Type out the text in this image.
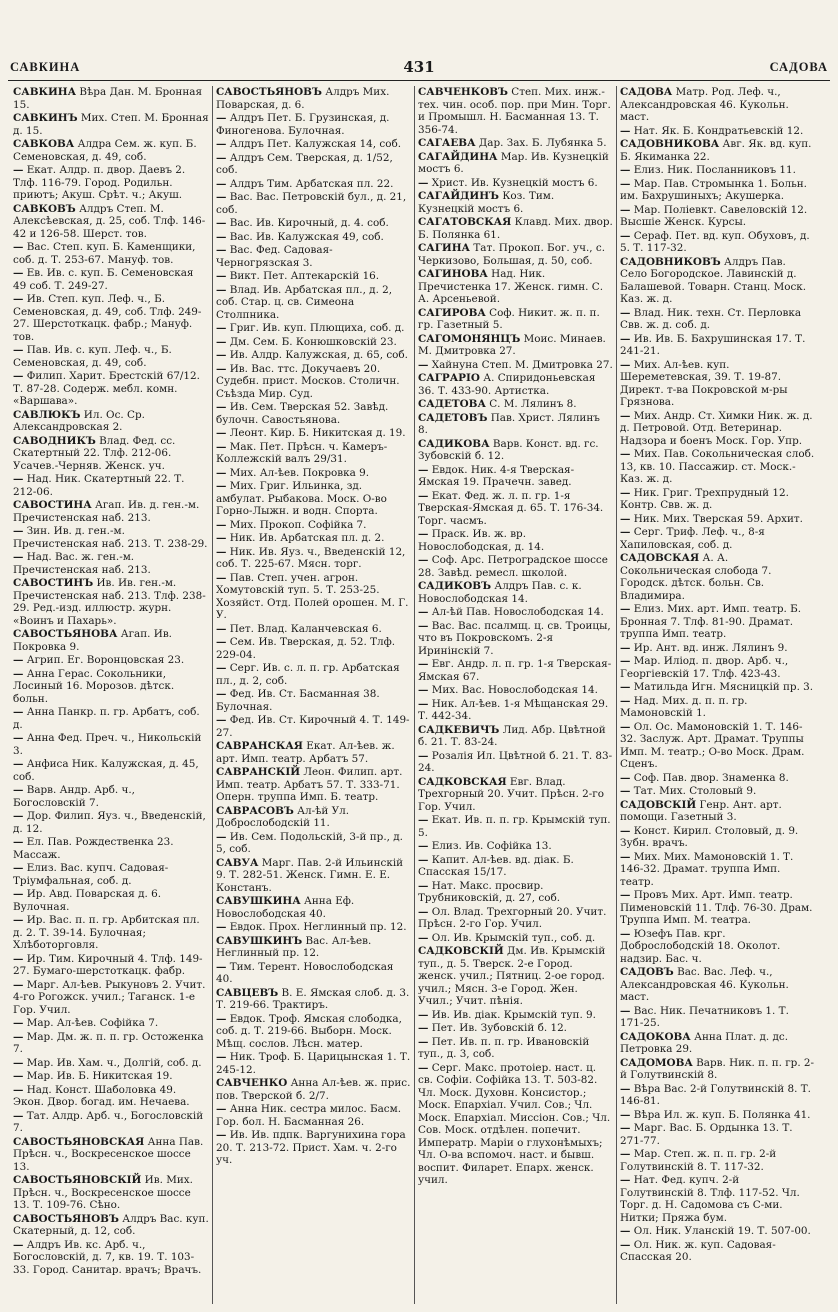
САВКИНА	431	САДОВА
САВКИНА Вѣра Дан. М. Бронная 15.
САВКИНЪ Мих. Степ. М. Бронная д. 15.
САВКОВА Алдра Сем. ж. куп. Б. Семеновская, д. 49, соб.
— Екат. Алдр. п. двор. Даевъ 2. Тлф. 116-79. Город. Родильн. приютъ; Акуш. Срѣт. ч.; Акуш.
САВКОВЪ Алдръ Степ. М. Алексѣевская, д. 25, соб. Тлф. 146-42 и 126-58. Шерст. тов.
— Вас. Степ. куп. Б. Каменщики, соб. д. Т. 253-67. Мануф. тов.
— Ев. Ив. с. куп. Б. Семеновская 49 соб. Т. 249-27.
— Ив. Степ. куп. Леф. ч., Б. Семеновская, д. 49, соб. Тлф. 249-27. Шерстоткацк. фабр.; Мануф. тов.
— Пав. Ив. с. куп. Леф. ч., Б. Семеновская, д. 49, соб.
— Филип. Харит. Брестскій 67/12. Т. 87-28. Содерж. мебл. комн. «Варшава».
САВЛЮКЪ Ил. Ос. Ср. Александровская 2.
САВОДНИКЪ Влад. Фед. сс. Скатертный 22. Тлф. 212-06. Усачев.-Черняв. Женск. уч.
— Над. Ник. Скатертный 22. Т. 212-06.
САВОСТИНА Агап. Ив. д. ген.-м. Пречистенская наб. 213.
— Зин. Ив. д. ген.-м. Пречистенская наб. 213. Т. 238-29.
— Над. Вас. ж. ген.-м. Пречистенская наб. 213.
САВОСТИНЪ Ив. Ив. ген.-м. Пречистенская наб. 213. Тлф. 238-29. Ред.-изд. иллюстр. журн. «Воинъ и Пахарь».
САВОСТЬЯНОВА Агап. Ив. Покровка 9.
— Агрип. Ег. Воронцовская 23.
— Анна Герас. Сокольники, Лосиный 16. Морозов. дѣтск. больн.
— Анна Панкр. п. гр. Арбатъ, соб. д.
— Анна Фед. Преч. ч., Никольскій 3.
— Анфиса Ник. Калужская, д. 45, соб.
— Варв. Андр. Арб. ч., Богословскій 7.
— Дор. Филип. Яуз. ч., Введенскій, д. 12.
— Ел. Пав. Рождественка 23. Массаж.
— Елиз. Вас. купч. Садовая-Тріумфальная, соб. д.
— Ир. Авд. Поварская д. 6. Вулочная.
— Ир. Вас. п. п. гр. Арбитская пл. д. 2. Т. 39-14. Булочная; Хлѣботорговля.
— Ир. Тим. Кирочный 4. Тлф. 149-27. Бумаго-шерстоткацк. фабр.
— Марг. Ал-ѣев. Рыкуновъ 2. Учит. 4-го Рогожск. учил.; Таганск. 1-е Гор. Учил.
— Мар. Ал-ѣев. Софійка 7.
— Мар. Дм. ж. п. п. гр. Остоженка 7.
— Мар. Ив. Хам. ч., Долгій, соб. д.
— Мар. Ив. Б. Никитская 19.
— Над. Конст. Шаболовка 49. Экон. Двор. богад. им. Нечаева.
— Тат. Алдр. Арб. ч., Богословскій 7.
САВОСТЬЯНОВСКАЯ Анна Пав. Прѣсн. ч., Воскресенское шоссе 13.
САВОСТЬЯНОВСКІЙ Ив. Мих. Прѣсн. ч., Воскресенское шоссе 13. Т. 109-76. Сѣно.
САВОСТЬЯНОВЪ Алдръ Вас. куп. Скатерный, д. 12, соб.
— Алдръ Ив. кс. Арб. ч., Богословскій, д. 7, кв. 19. Т. 103-33. Город. Санитар. врачъ; Врачъ.
САВОСТЬЯНОВЪ Алдръ Мих. Поварская, д. 6.
— Алдръ Пет. Б. Грузинская, д. Финогенова. Булочная.
— Алдръ Пет. Калужская 14, соб.
— Алдръ Сем. Тверская, д. 1/52, соб.
— Алдръ Тим. Арбатская пл. 22.
— Вас. Вас. Петровскій бул., д. 21, соб.
— Вас. Ив. Кирочный, д. 4. соб.
— Вас. Ив. Калужская 49, соб.
— Вас. Фед. Садовая-Черногрязская 3.
— Викт. Пет. Аптекарскій 16.
— Влад. Ив. Арбатская пл., д. 2, соб. Стар. ц. св. Симеона Столпника.
— Григ. Ив. куп. Плющиха, соб. д.
— Дм. Сем. Б. Конюшковскій 23.
— Ив. Алдр. Калужская, д. 65, соб.
— Ив. Вас. ттс. Докучаевъ 20. Судебн. прист. Москов. Столичн. Съѣзда Мир. Суд.
— Ив. Сем. Тверская 52. Завѣд. булочн. Савостьянова.
— Леонт. Кир. Б. Никитская д. 19.
— Мак. Пет. Прѣсн. ч. Камеръ-Коллежскій валъ 29/31.
— Мих. Ал-ѣев. Покровка 9.
— Мих. Григ. Ильинка, зд. амбулат. Рыбакова. Моск. О-во Горно-Лыжн. и водн. Спорта.
— Мих. Прокоп. Софійка 7.
— Ник. Ив. Арбатская пл. д. 2.
— Ник. Ив. Яуз. ч., Введенскій 12, соб. Т. 225-67. Мясн. торг.
— Пав. Степ. учен. агрон. Хомутовскій туп. 5. Т. 253-25. Хозяйст. Отд. Полей орошен. М. Г. У.
— Пет. Влад. Каланчевская 6.
— Сем. Ив. Тверская, д. 52. Тлф. 229-04.
— Серг. Ив. с. л. п. гр. Арбатская пл., д. 2, соб.
— Фед. Ив. Ст. Басманная 38. Булочная.
— Фед. Ив. Ст. Кирочный 4. Т. 149-27.
САВРАНСКАЯ Екат. Ал-ѣев. ж. арт. Имп. театр. Арбатъ 57.
САВРАНСКІЙ Леон. Филип. арт. Имп. театр. Арбатъ 57. Т. 333-71. Оперн. труппа Имп. Б. театр.
САВРАСОВЪ Ал-ѣй Ул. Доброслободскій 11.
— Ив. Сем. Подольскій, 3-й пр., д. 5, соб.
САВУА Марг. Пав. 2-й Ильинскій 9. Т. 282-51. Женск. Гимн. Е. Е. Констанъ.
САВУШКИНА Анна Еф. Новослободская 40.
— Евдок. Прох. Неглинный пр. 12.
САВУШКИНЪ Вас. Ал-ѣев. Неглинный пр. 12.
— Тим. Терент. Новослободская 40.
САВЦЕВЪ В. Е. Ямская слоб. д. 3. Т. 219-66. Трактиръ.
— Евдок. Троф. Ямская слободка, соб. д. Т. 219-66. Выборн. Моск. Мѣщ. сослов. Лѣсн. матер.
— Ник. Троф. Б. Царицынская 1. Т. 245-12.
САВЧЕНКО Анна Ал-ѣев. ж. прис. пов. Тверской б. 2/7.
— Анна Ник. сестра милос. Басм. Гор. бол. Н. Басманная 26.
— Ив. Ив. пдпк. Варгунихина гора 20. Т. 213-72. Прист. Хам. ч. 2-го уч.
САВЧЕНКОВЪ Степ. Мих. инж.-тех. чин. особ. пор. при Мин. Торг. и Промышл. Н. Басманная 13. Т. 356-74.
САГАЕВА Дар. Зах. Б. Лубянка 5.
САГАЙДИНА Мар. Ив. Кузнецкій мостъ 6.
— Христ. Ив. Кузнецкій мостъ 6.
САГАЙДИНЪ Коз. Тим. Кузнецкій мостъ 6.
САГАТОВСКАЯ Клавд. Мих. двор. Б. Полянка 61.
САГИНА Тат. Прокоп. Бог. уч., с. Черкизово, Большая, д. 50, соб.
САГИНОВА Над. Ник. Пречистенка 17. Женск. гимн. С. А. Арсеньевой.
САГИРОВА Соф. Никит. ж. п. п. гр. Газетный 5.
САГОМОНЯНЦЪ Моис. Минаев. М. Дмитровка 27.
— Хайнуна Степ. М. Дмитровка 27.
САГРАРІО А. Спиридоньевская 36. Т. 433-90. Артистка.
САДЕТОВА С. М. Лялинъ 8.
САДЕТОВЪ Пав. Христ. Лялинъ 8.
САДИКОВА Варв. Конст. вд. гс. Зубовскій б. 12.
— Евдок. Ник. 4-я Тверская-Ямская 19. Прачечн. завед.
— Екат. Фед. ж. л. п. гр. 1-я Тверская-Ямская д. 65. Т. 176-34. Торг. часмъ.
— Праск. Ив. ж. вр. Новослободская, д. 14.
— Соф. Арс. Петроградское шоссе 28. Завѣд. ремесл. школой.
САДИКОВЪ Алдръ Пав. с. к. Новослободская 14.
— Ал-ѣй Пав. Новослободская 14.
— Вас. Вас. псалмщ. ц. св. Троицы, что въ Покровскомъ. 2-я Иринінскій 7.
— Евг. Андр. л. п. гр. 1-я Тверская-Ямская 67.
— Мих. Вас. Новослободская 14.
— Ник. Ал-ѣев. 1-я Мѣщанская 29. Т. 442-34.
САДКЕВИЧЪ Лид. Абр. Цвѣтной б. 21. Т. 83-24.
— Розалія Ил. Цвѣтной б. 21. Т. 83-24.
САДКОВСКАЯ Евг. Влад. Трехгорный 20. Учит. Прѣсн. 2-го Гор. Учил.
— Екат. Ив. п. п. гр. Крымскій туп. 5.
— Елиз. Ив. Софійка 13.
— Капит. Ал-ѣев. вд. діак. Б. Спасская 15/17.
— Нат. Макс. просвир. Трубниковскій, д. 27, соб.
— Ол. Влад. Трехгорный 20. Учит. Прѣсн. 2-го Гор. Учил.
— Ол. Ив. Крымскій туп., соб. д.
САДКОВСКІЙ Дм. Ив. Крымскій туп., д. 5. Тверск. 2-е Город. женск. учил.; Пятниц. 2-ое город. учил.; Мясн. 3-е Город. Жен. Учил.; Учит. пѣнія.
— Ив. Ив. діак. Крымскій туп. 9.
— Пет. Ив. Зубовскій б. 12.
— Пет. Ив. п. п. гр. Ивановскій туп., д. 3, соб.
— Серг. Макс. протоіер. наст. ц. св. Софіи. Софійка 13. Т. 503-82. Чл. Моск. Духовн. Консистор.; Моск. Епархіал. Учил. Сов.; Чл. Моск. Епархіал. Миссіон. Сов.; Чл. Сов. Моск. отдѣлен. попечит. Императр. Маріи о глухонѣмыхъ; Чл. О-ва вспомоч. наст. и бывш. воспит. Филарет. Епарх. женск. учил.
САДОВА Матр. Род. Леф. ч., Александровская 46. Кукольн. маст.
— Нат. Як. Б. Кондратьевскій 12.
САДОВНИКОВА Авг. Як. вд. куп. Б. Якиманка 22.
— Елиз. Ник. Посланниковъ 11.
— Мар. Пав. Стромынка 1. Больн. им. Бахрушиныхъ; Акушерка.
— Мар. Поліевкт. Савеловскій 12. Высшіе Женск. Курсы.
— Сераф. Пет. вд. куп. Обуховъ, д. 5. Т. 117-32.
САДОВНИКОВЪ Алдръ Пав. Село Богородское. Лавинскій д. Балашевой. Товарн. Станц. Моск. Каз. ж. д.
— Влад. Ник. техн. Ст. Перловка Свв. ж. д. соб. д.
— Ив. Ив. Б. Бахрушинская 17. Т. 241-21.
— Мих. Ал-ѣев. куп. Шереметевская, 39. Т. 19-87. Директ. т-ва Покровской м-ры Грязнова.
— Мих. Андр. Ст. Химки Ник. ж. д. д. Петровой. Отд. Ветеринар. Надзора и боенъ Моск. Гор. Упр.
— Мих. Пав. Сокольническая слоб. 13, кв. 10. Пассажир. ст. Моск.-Каз. ж. д.
— Ник. Григ. Трехпрудный 12. Контр. Свв. ж. д.
— Ник. Мих. Тверская 59. Архит.
— Серг. Триф. Леф. ч., 8-я Хапиловская, соб. д.
САДОВСКАЯ А. А. Сокольническая слобода 7. Городск. дѣтск. больн. Св. Владимира.
— Елиз. Мих. арт. Имп. театр. Б. Бронная 7. Тлф. 81-90. Драмат. труппа Имп. театр.
— Ир. Ант. вд. инж. Лялинъ 9.
— Мар. Иліод. п. двор. Арб. ч., Георгіевскій 17. Тлф. 423-43.
— Матильда Игн. Мясницкій пр. 3.
— Над. Мих. д. п. п. гр. Мамоновскій 1.
— Ол. Ос. Мамоновскій 1. Т. 146-32. Заслуж. Арт. Драмат. Труппы Имп. М. театр.; О-во Моск. Драм. Сценъ.
— Соф. Пав. двор. Знаменка 8.
— Тат. Мих. Столовый 9.
САДОВСКІЙ Генр. Ант. арт. помощи. Газетный 3.
— Конст. Кирил. Столовый, д. 9. Зубн. врачъ.
— Мих. Мих. Мамоновскій 1. Т. 146-32. Драмат. труппа Имп. театр.
— Провъ Мих. Арт. Имп. театр. Пименовскій 11. Тлф. 76-30. Драм. Труппа Имп. М. театра.
— Юзефъ Пав. крг. Доброслободскій 18. Околот. надзир. Бас. ч.
САДОВЪ Вас. Вас. Леф. ч., Александровская 46. Кукольн. маст.
— Вас. Ник. Печатниковъ 1. Т. 171-25.
САДОКОВА Анна Плат. д. дс. Петровка 29.
САДОМОВА Варв. Ник. п. п. гр. 2-й Голутвинскій 8.
— Вѣра Вас. 2-й Голутвинскій 8. Т. 146-81.
— Вѣра Ил. ж. куп. Б. Полянка 41.
— Марг. Вас. Б. Ордынка 13. Т. 271-77.
— Мар. Степ. ж. п. п. гр. 2-й Голутвинскій 8. Т. 117-32.
— Нат. Фед. купч. 2-й Голутвинскій 8. Тлф. 117-52. Чл. Торг. д. Н. Садомова съ С-ми. Нитки; Пряжа бум.
— Ол. Ник. Уланскій 19. Т. 507-00.
— Ол. Ник. ж. куп. Садовая-Спасская 20.
